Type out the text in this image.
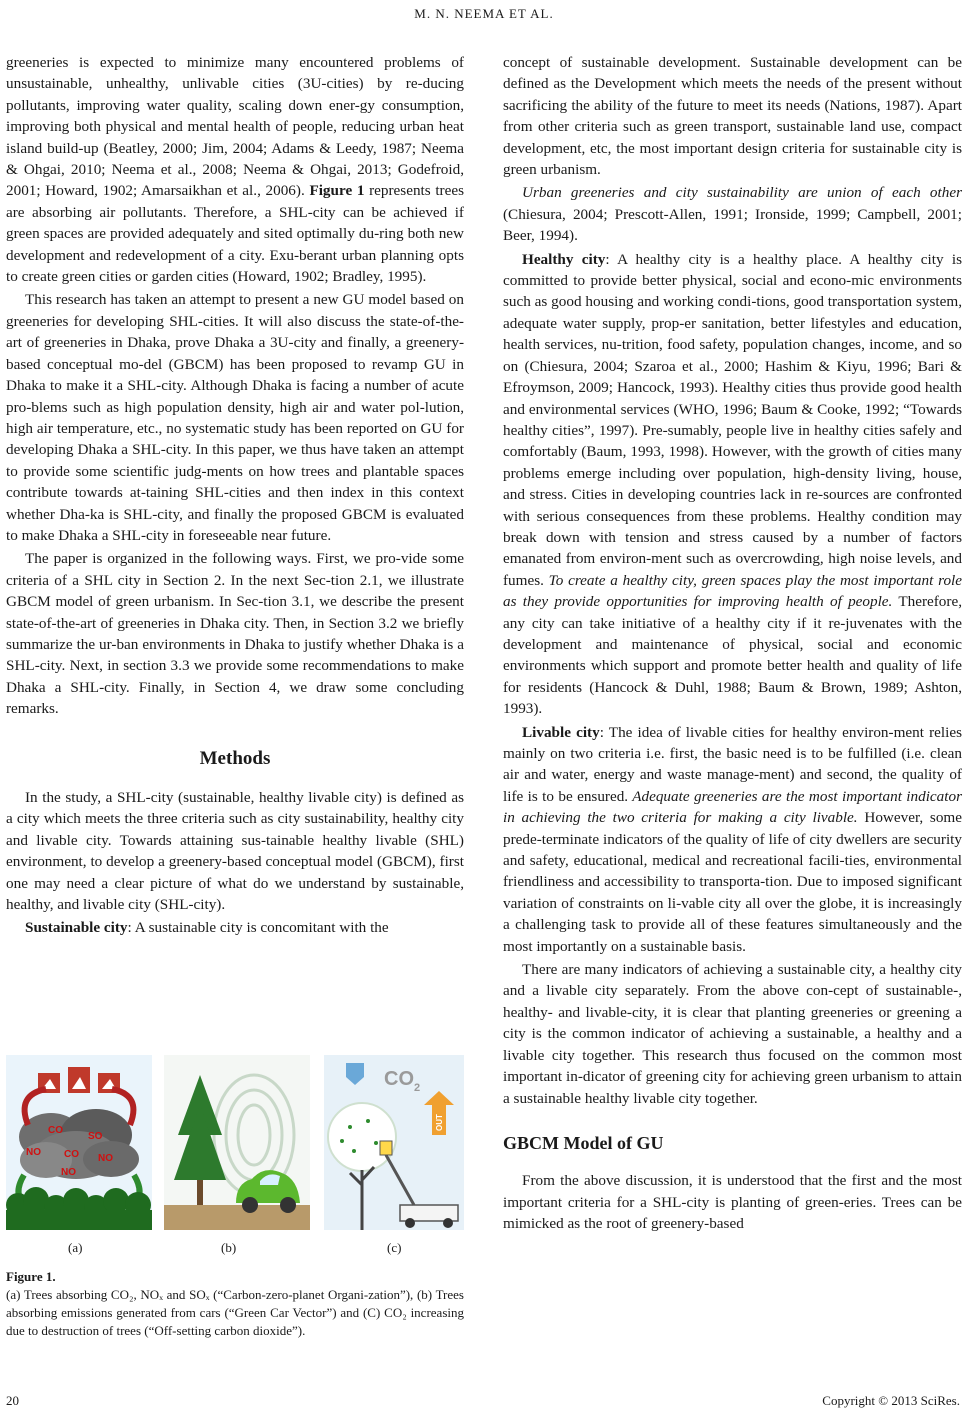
M. N. NEEMA ET AL.

greeneries is expected to minimize many encountered problems of unsustainable, unhealthy, unlivable cities (3U-cities) by re-ducing pollutants, improving water quality, scaling down ener-gy consumption, improving both physical and mental health of people, reducing urban heat island build-up (Beatley, 2000; Jim, 2004; Adams & Leedy, 1987; Neema & Ohgai, 2010; Neema et al., 2008; Neema & Ohgai, 2013; Godefroid, 2001; Howard, 1902; Amarsaikhan et al., 2006). Figure 1 represents trees are absorbing air pollutants. Therefore, a SHL-city can be achieved if green spaces are provided adequately and sited optimally du-ring both new development and redevelopment of a city. Exu-berant urban planning opts to create green cities or garden cities (Howard, 1902; Bradley, 1995).

This research has taken an attempt to present a new GU model based on greeneries for developing SHL-cities. It will also discuss the state-of-the-art of greeneries in Dhaka, prove Dhaka a 3U-city and finally, a greenery-based conceptual mo-del (GBCM) has been proposed to revamp GU in Dhaka to make it a SHL-city. Although Dhaka is facing a number of acute pro-blems such as high population density, high air and water pol-lution, high air temperature, etc., no systematic study has been reported on GU for developing Dhaka a SHL-city. In this paper, we thus have taken an attempt to provide some scientific judg-ments on how trees and plantable spaces contribute towards at-taining SHL-cities and then index in this context whether Dha-ka is SHL-city, and finally the proposed GBCM is evaluated to make Dhaka a SHL-city in foreseeable near future.

The paper is organized in the following ways. First, we pro-vide some criteria of a SHL city in Section 2. In the next Sec-tion 2.1, we illustrate GBCM model of green urbanism. In Sec-tion 3.1, we describe the present state-of-the-art of greeneries in Dhaka city. Then, in Section 3.2 we briefly summarize the ur-ban environments in Dhaka to justify whether Dhaka is a SHL-city. Next, in section 3.3 we provide some recommendations to make Dhaka a SHL-city. Finally, in Section 4, we draw some concluding remarks.

Methods

In the study, a SHL-city (sustainable, healthy livable city) is defined as a city which meets the three criteria such as city sustainability, healthy city and livable city. Towards attaining sus-tainable healthy livable (SHL) environment, to develop a greenery-based conceptual model (GBCM), first one may need a clear picture of what do we understand by sustainable, healthy, and livable city (SHL-city).

Sustainable city: A sustainable city is concomitant with the

CO
SO
NO CO NO
NO
CO 2
OUT
(a)	(b)	(c)
Figure 1.
(a) Trees absorbing CO₂, NOₓ and SOₓ (“Carbon-zero-planet Organi-zation”), (b) Trees absorbing emissions generated from cars (“Green Car Vector”) and (C) CO₂ increasing due to destruction of trees (“Off-setting carbon dioxide”).

concept of sustainable development. Sustainable development can be defined as the Development which meets the needs of the present without sacrificing the ability of the future to meet its needs (Nations, 1987). Apart from other criteria such as green transport, sustainable land use, compact development, etc, the most important design criteria for sustainable city is green urbanism.

Urban greeneries and city sustainability are union of each other (Chiesura, 2004; Prescott-Allen, 1991; Ironside, 1999; Campbell, 2001; Beer, 1994).

Healthy city: A healthy city is a healthy place. A healthy city is committed to provide better physical, social and econo-mic environments such as good housing and working condi-tions, good transportation system, adequate water supply, prop-er sanitation, better lifestyles and education, health services, nu-trition, food safety, population changes, income, and so on (Chiesura, 2004; Szaroa et al., 2000; Hashim & Kiyu, 1996; Bari & Efroymson, 2009; Hancock, 1993). Healthy cities thus provide good health and environmental services (WHO, 1996; Baum & Cooke, 1992; “Towards healthy cities”, 1997). Pre-sumably, people live in healthy cities safely and comfortably (Baum, 1993, 1998). However, with the growth of cities many problems emerge including over population, high-density living, house, and stress. Cities in developing countries lack in re-sources are confronted with serious consequences from these problems. Healthy condition may break down with tension and stress caused by a number of factors emanated from environ-ment such as overcrowding, high noise levels, and fumes. To create a healthy city, green spaces play the most important role as they provide opportunities for improving health of people. Therefore, any city can take initiative of a healthy city if it re-juvenates with the development and maintenance of physical, social and economic environments which support and promote better health and quality of life for residents (Hancock & Duhl, 1988; Baum & Brown, 1989; Ashton, 1993).

Livable city: The idea of livable cities for healthy environ-ment relies mainly on two criteria i.e. first, the basic need is to be fulfilled (i.e. clean air and water, energy and waste manage-ment) and second, the quality of life is to be ensured. Adequate greeneries are the most important indicator in achieving the two criteria for making a city livable. However, some prede-terminate indicators of the quality of life of city dwellers are security and safety, educational, medical and recreational facili-ties, environmental friendliness and accessibility to transporta-tion. Due to imposed significant variation of constraints on li-vable city all over the globe, it is increasingly a challenging task to provide all of these features simultaneously and the most importantly on a sustainable basis.

There are many indicators of achieving a sustainable city, a healthy city and a livable city separately. From the above con-cept of sustainable-, healthy- and livable-city, it is clear that planting greeneries or greening a city is the common indicator of achieving a sustainable, a healthy and a livable city together. This research thus focused on the common most important in-dicator of greening city for achieving green urbanism to attain a sustainable healthy livable city together.

GBCM Model of GU

From the above discussion, it is understood that the first and the most important criteria for a SHL-city is planting of green-eries. Trees can be mimicked as the root of greenery-based

20	Copyright © 2013 SciRes.
